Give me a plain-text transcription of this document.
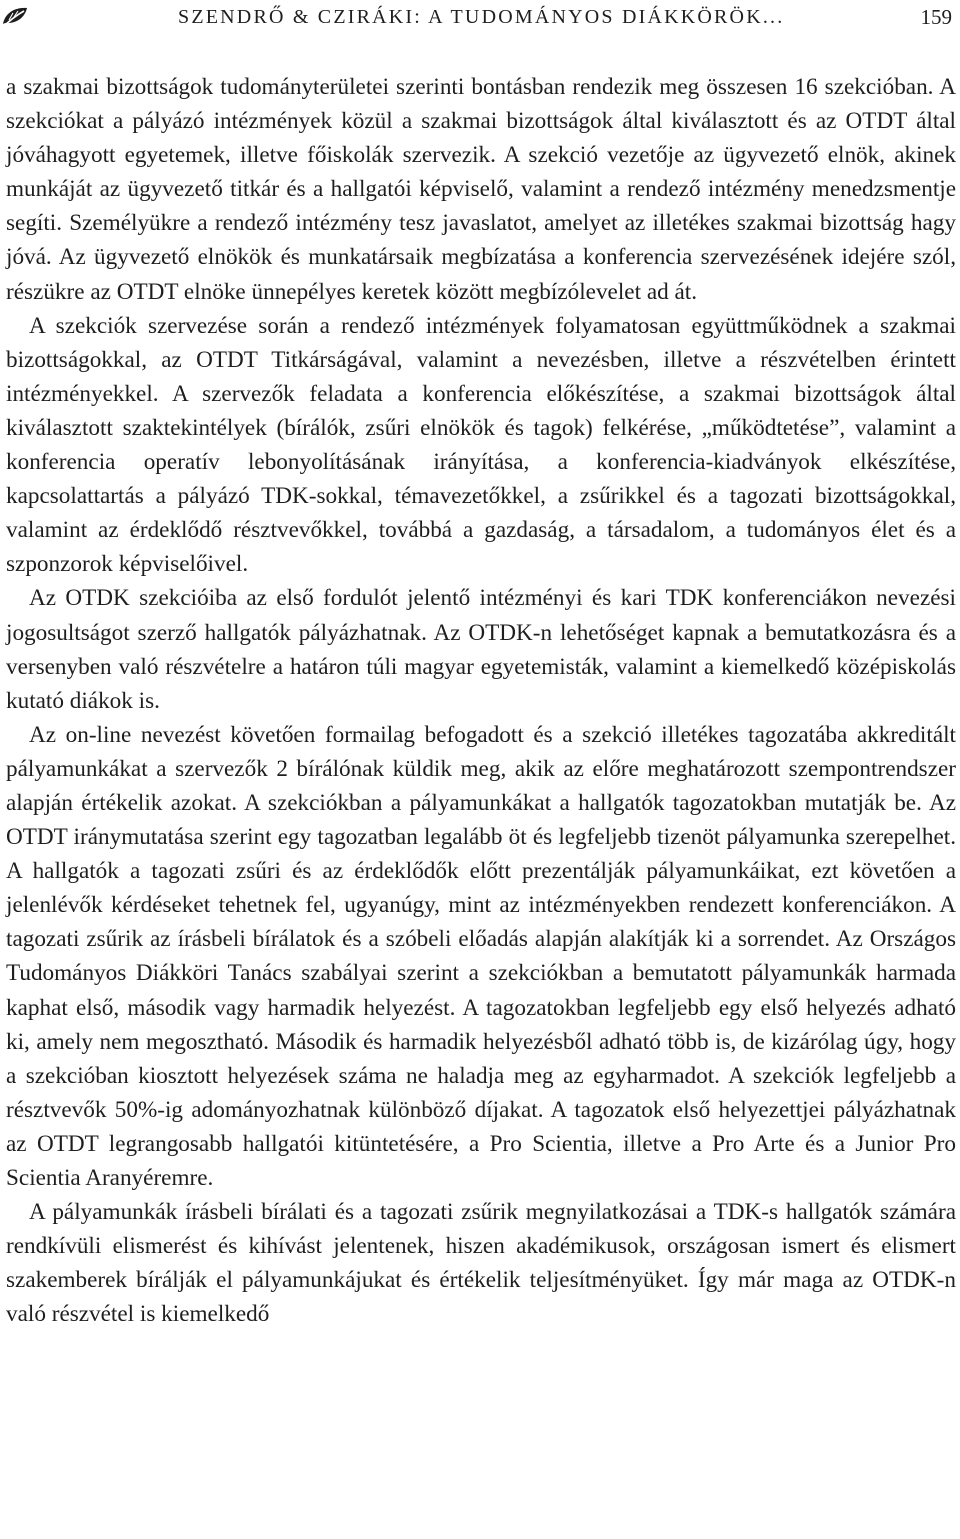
SZENDRŐ & CZIRÁKI: A TUDOMÁNYOS DIÁKKÖRÖK...	159

a szakmai bizottságok tudományterületei szerinti bontásban rendezik meg összesen 16 szekcióban. A szekciókat a pályázó intézmények közül a szakmai bizottságok által kiválasztott és az OTDT által jóváhagyott egyetemek, illetve főiskolák szervezik. A szekció vezetője az ügyvezető elnök, akinek munkáját az ügyvezető titkár és a hallgatói képviselő, valamint a rendező intézmény menedzsmentje segíti. Személyükre a rendező intézmény tesz javaslatot, amelyet az illetékes szakmai bizottság hagy jóvá. Az ügyvezető elnökök és munkatársaik megbízatása a konferencia szervezésének idejére szól, részükre az OTDT elnöke ünnepélyes keretek között megbízólevelet ad át.

A szekciók szervezése során a rendező intézmények folyamatosan együttműködnek a szakmai bizottságokkal, az OTDT Titkárságával, valamint a nevezésben, illetve a részvételben érintett intézményekkel. A szervezők feladata a konferencia előkészítése, a szakmai bizottságok által kiválasztott szaktekintélyek (bírálók, zsűri elnökök és tagok) felkérése, „működtetése”, valamint a konferencia operatív lebonyolításának irányítása, a konferencia-kiadványok elkészítése, kapcsolattartás a pályázó TDK-sokkal, témavezetőkkel, a zsűrikkel és a tagozati bizottságokkal, valamint az érdeklődő résztvevőkkel, továbbá a gazdaság, a társadalom, a tudományos élet és a szponzorok képviselőivel.

Az OTDK szekcióiba az első fordulót jelentő intézményi és kari TDK konferenciákon nevezési jogosultságot szerző hallgatók pályázhatnak. Az OTDK-n lehetőséget kapnak a bemutatkozásra és a versenyben való részvételre a határon túli magyar egyetemisták, valamint a kiemelkedő középiskolás kutató diákok is.

Az on-line nevezést követően formailag befogadott és a szekció illetékes tagozatába akkreditált pályamunkákat a szervezők 2 bírálónak küldik meg, akik az előre meghatározott szempontrendszer alapján értékelik azokat. A szekciókban a pályamunkákat a hallgatók tagozatokban mutatják be. Az OTDT iránymutatása szerint egy tagozatban legalább öt és legfeljebb tizenöt pályamunka szerepelhet. A hallgatók a tagozati zsűri és az érdeklődők előtt prezentálják pályamunkáikat, ezt követően a jelenlévők kérdéseket tehetnek fel, ugyanúgy, mint az intézményekben rendezett konferenciákon. A tagozati zsűrik az írásbeli bírálatok és a szóbeli előadás alapján alakítják ki a sorrendet. Az Országos Tudományos Diákköri Tanács szabályai szerint a szekciókban a bemutatott pályamunkák harmada kaphat első, második vagy harmadik helyezést. A tagozatokban legfeljebb egy első helyezés adható ki, amely nem megosztható. Második és harmadik helyezésből adható több is, de kizárólag úgy, hogy a szekcióban kiosztott helyezések száma ne haladja meg az egyharmadot. A szekciók legfeljebb a résztvevők 50%-ig adományozhatnak különböző díjakat. A tagozatok első helyezettjei pályázhatnak az OTDT legrangosabb hallgatói kitüntetésére, a Pro Scientia, illetve a Pro Arte és a Junior Pro Scientia Aranyéremre.

A pályamunkák írásbeli bírálati és a tagozati zsűrik megnyilatkozásai a TDK-s hallgatók számára rendkívüli elismerést és kihívást jelentenek, hiszen akadémikusok, országosan ismert és elismert szakemberek bírálják el pályamunkájukat és értékelik teljesítményüket. Így már maga az OTDK-n való részvétel is kiemelkedő
